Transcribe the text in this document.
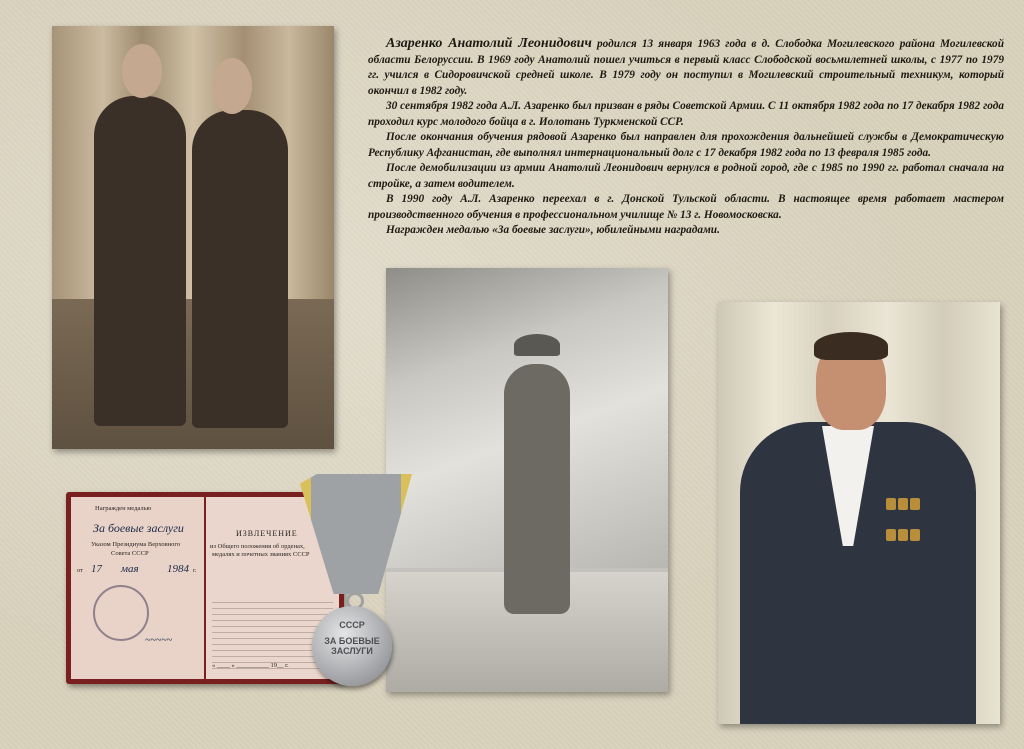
Азаренко Анатолий Леонидович родился 13 января 1963 года в д. Слободка Могилевского района Могилевской области Белоруссии. В 1969 году Анатолий пошел учиться в первый класс Слободской восьмилетней школы, с 1977 по 1979 гг. учился в Сидоровичской средней школе. В 1979 году он поступил в Могилевский строительный техникум, который окончил в 1982 году.

30 сентября 1982 года А.Л. Азаренко был призван в ряды Советской Армии. С 11 октября 1982 года по 17 декабря 1982 года проходил курс молодого бойца в г. Иолотань Туркменской ССР.

После окончания обучения рядовой Азаренко был направлен для прохождения дальнейшей службы в Демократическую Республику Афганистан, где выполнял интернациональный долг с 17 декабря 1982 года по 13 февраля 1985 года.

После демобилизации из армии Анатолий Леонидович вернулся в родной город, где с 1985 по 1990 гг. работал сначала на стройке, а затем водителем.

В 1990 году А.Л. Азаренко переехал в г. Донской Тульской области. В настоящее время работает мастером производственного обучения в профессиональном училище № 13 г. Новомосковска.

Награжден медалью «За боевые заслуги», юбилейными наградами.

Награжден медалью
За боевые заслуги
Указом Президиума Верховного
Совета СССР
от 17 мая	1984 г.
~~~~~
ИЗВЛЕЧЕНИЕ
из Общего положения об орденах,
медалях и почетных званиях СССР
« ____ » __________ 19__ г.
СССР
ЗА БОЕВЫЕ
ЗАСЛУГИ
